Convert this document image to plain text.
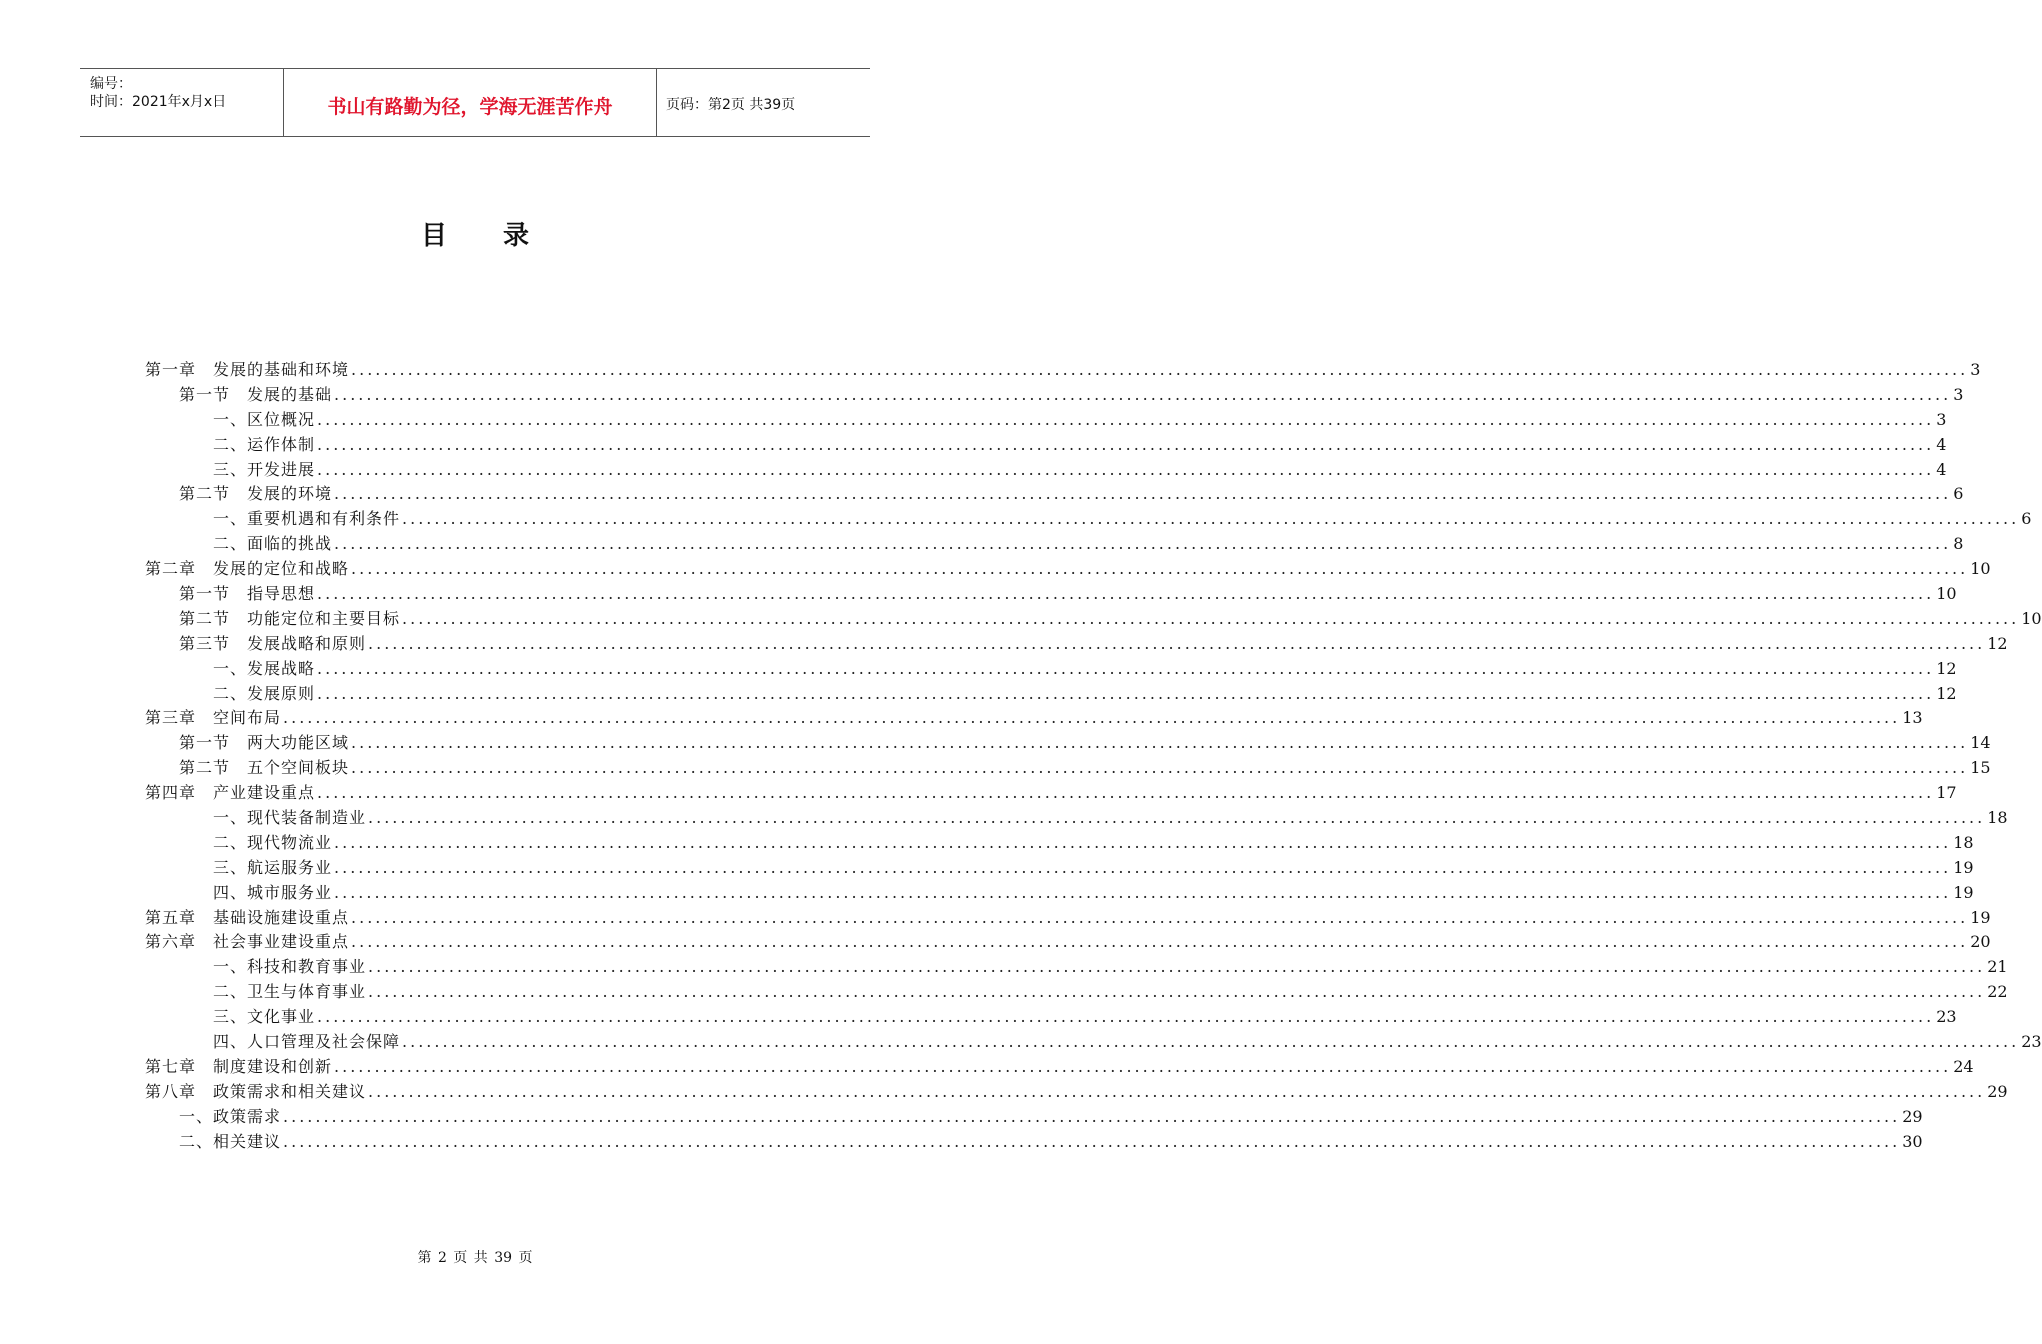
编号：
时间：2021年x月x日	书山有路勤为径，学海无涯苦作舟	页码：第2页 共39页
目录
第一章　发展的基础和环境 ........................................................................................................................................................................................................ 3
第一节　发展的基础 ........................................................................................................................................................................................................ 3
一、区位概况 ........................................................................................................................................................................................................ 3
二、运作体制 ........................................................................................................................................................................................................ 4
三、开发进展 ........................................................................................................................................................................................................ 4
第二节　发展的环境 ........................................................................................................................................................................................................ 6
一、重要机遇和有利条件 ........................................................................................................................................................................................................ 6
二、面临的挑战 ........................................................................................................................................................................................................ 8
第二章　发展的定位和战略 ........................................................................................................................................................................................................ 10
第一节　指导思想 ........................................................................................................................................................................................................ 10
第二节　功能定位和主要目标 ........................................................................................................................................................................................................ 10
第三节　发展战略和原则 ........................................................................................................................................................................................................ 12
一、发展战略 ........................................................................................................................................................................................................ 12
二、发展原则 ........................................................................................................................................................................................................ 12
第三章　空间布局 ........................................................................................................................................................................................................ 13
第一节　两大功能区域 ........................................................................................................................................................................................................ 14
第二节　五个空间板块 ........................................................................................................................................................................................................ 15
第四章　产业建设重点 ........................................................................................................................................................................................................ 17
一、现代装备制造业 ........................................................................................................................................................................................................ 18
二、现代物流业 ........................................................................................................................................................................................................ 18
三、航运服务业 ........................................................................................................................................................................................................ 19
四、城市服务业 ........................................................................................................................................................................................................ 19
第五章　基础设施建设重点 ........................................................................................................................................................................................................ 19
第六章　社会事业建设重点 ........................................................................................................................................................................................................ 20
一、科技和教育事业 ........................................................................................................................................................................................................ 21
二、卫生与体育事业 ........................................................................................................................................................................................................ 22
三、文化事业 ........................................................................................................................................................................................................ 23
四、人口管理及社会保障 ........................................................................................................................................................................................................ 23
第七章　制度建设和创新 ........................................................................................................................................................................................................ 24
第八章　政策需求和相关建议 ........................................................................................................................................................................................................ 29
一、政策需求 ........................................................................................................................................................................................................ 29
二、相关建议 ........................................................................................................................................................................................................ 30
第 2 页 共 39 页
